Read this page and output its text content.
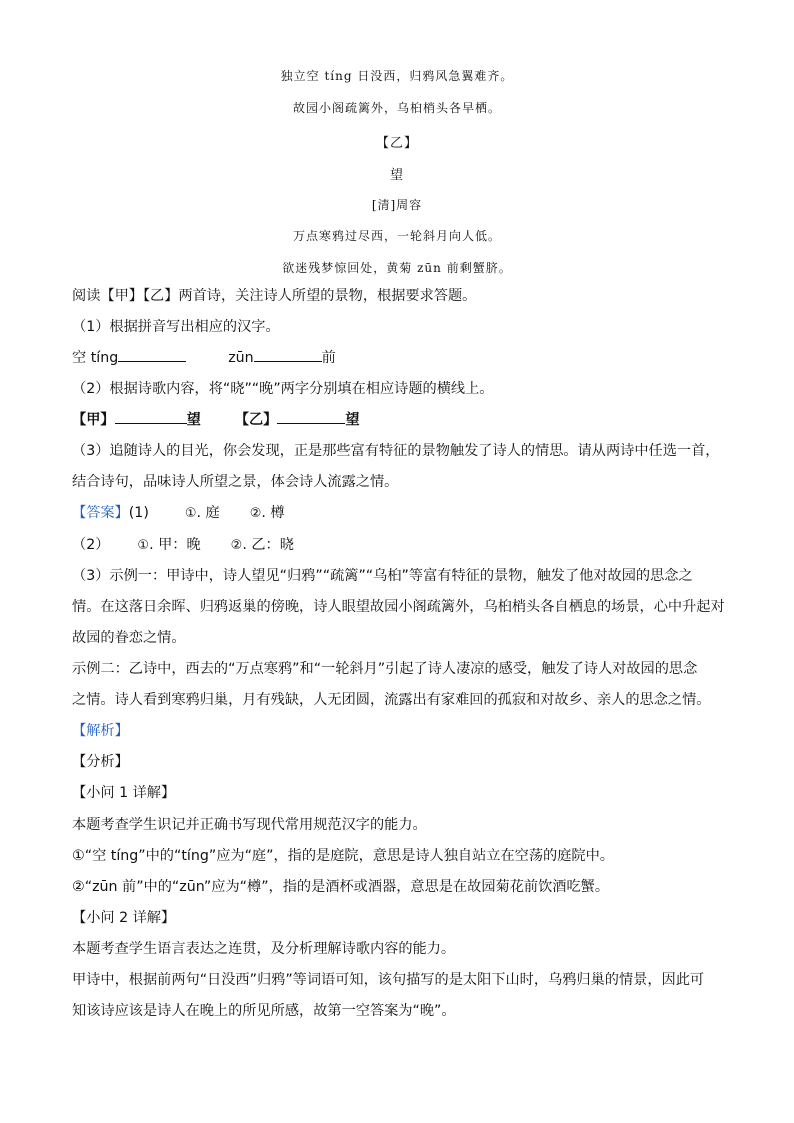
独立空 tíng 日没西，归鸦风急翼难齐。
故园小阁疏篱外，乌桕梢头各早栖。
【乙】
望
[清]周容
万点寒鸦过尽西，一轮斜月向人低。
欲迷残梦惊回处，黄菊 zūn 前剩蟹脐。
阅读【甲】【乙】两首诗，关注诗人所望的景物，根据要求答题。
（1）根据拼音写出相应的汉字。
空 tíng	zūn	前
（2）根据诗歌内容，将“晓”“晚”两字分别填在相应诗题的横线上。
【甲】	望 【乙】	望
（3）追随诗人的目光，你会发现，正是那些富有特征的景物触发了诗人的情思。请从两诗中任选一首，
结合诗句，品味诗人所望之景，体会诗人流露之情。
【答案】(1)	①. 庭 ②. 樽
（2） ①. 甲：晚 ②. 乙：晓
（3）示例一：甲诗中，诗人望见“归鸦”“疏篱”“乌桕”等富有特征的景物，触发了他对故园的思念之
情。在这落日余晖、归鸦返巢的傍晚，诗人眼望故园小阁疏篱外，乌桕梢头各自栖息的场景，心中升起对
故园的眷恋之情。
示例二：乙诗中，西去的“万点寒鸦”和“一轮斜月”引起了诗人凄凉的感受，触发了诗人对故园的思念
之情。诗人看到寒鸦归巢，月有残缺，人无团圆，流露出有家难回的孤寂和对故乡、亲人的思念之情。
【解析】
【分析】
【小问 1 详解】
本题考查学生识记并正确书写现代常用规范汉字的能力。
①“空 tíng”中的“tíng”应为“庭”，指的是庭院，意思是诗人独自站立在空荡的庭院中。
②“zūn 前”中的“zūn”应为“樽”，指的是酒杯或酒器，意思是在故园菊花前饮酒吃蟹。
【小问 2 详解】
本题考查学生语言表达之连贯，及分析理解诗歌内容的能力。
甲诗中，根据前两句“日没西”归鸦”等词语可知，该句描写的是太阳下山时，乌鸦归巢的情景，因此可
知该诗应该是诗人在晚上的所见所感，故第一空答案为“晚”。
